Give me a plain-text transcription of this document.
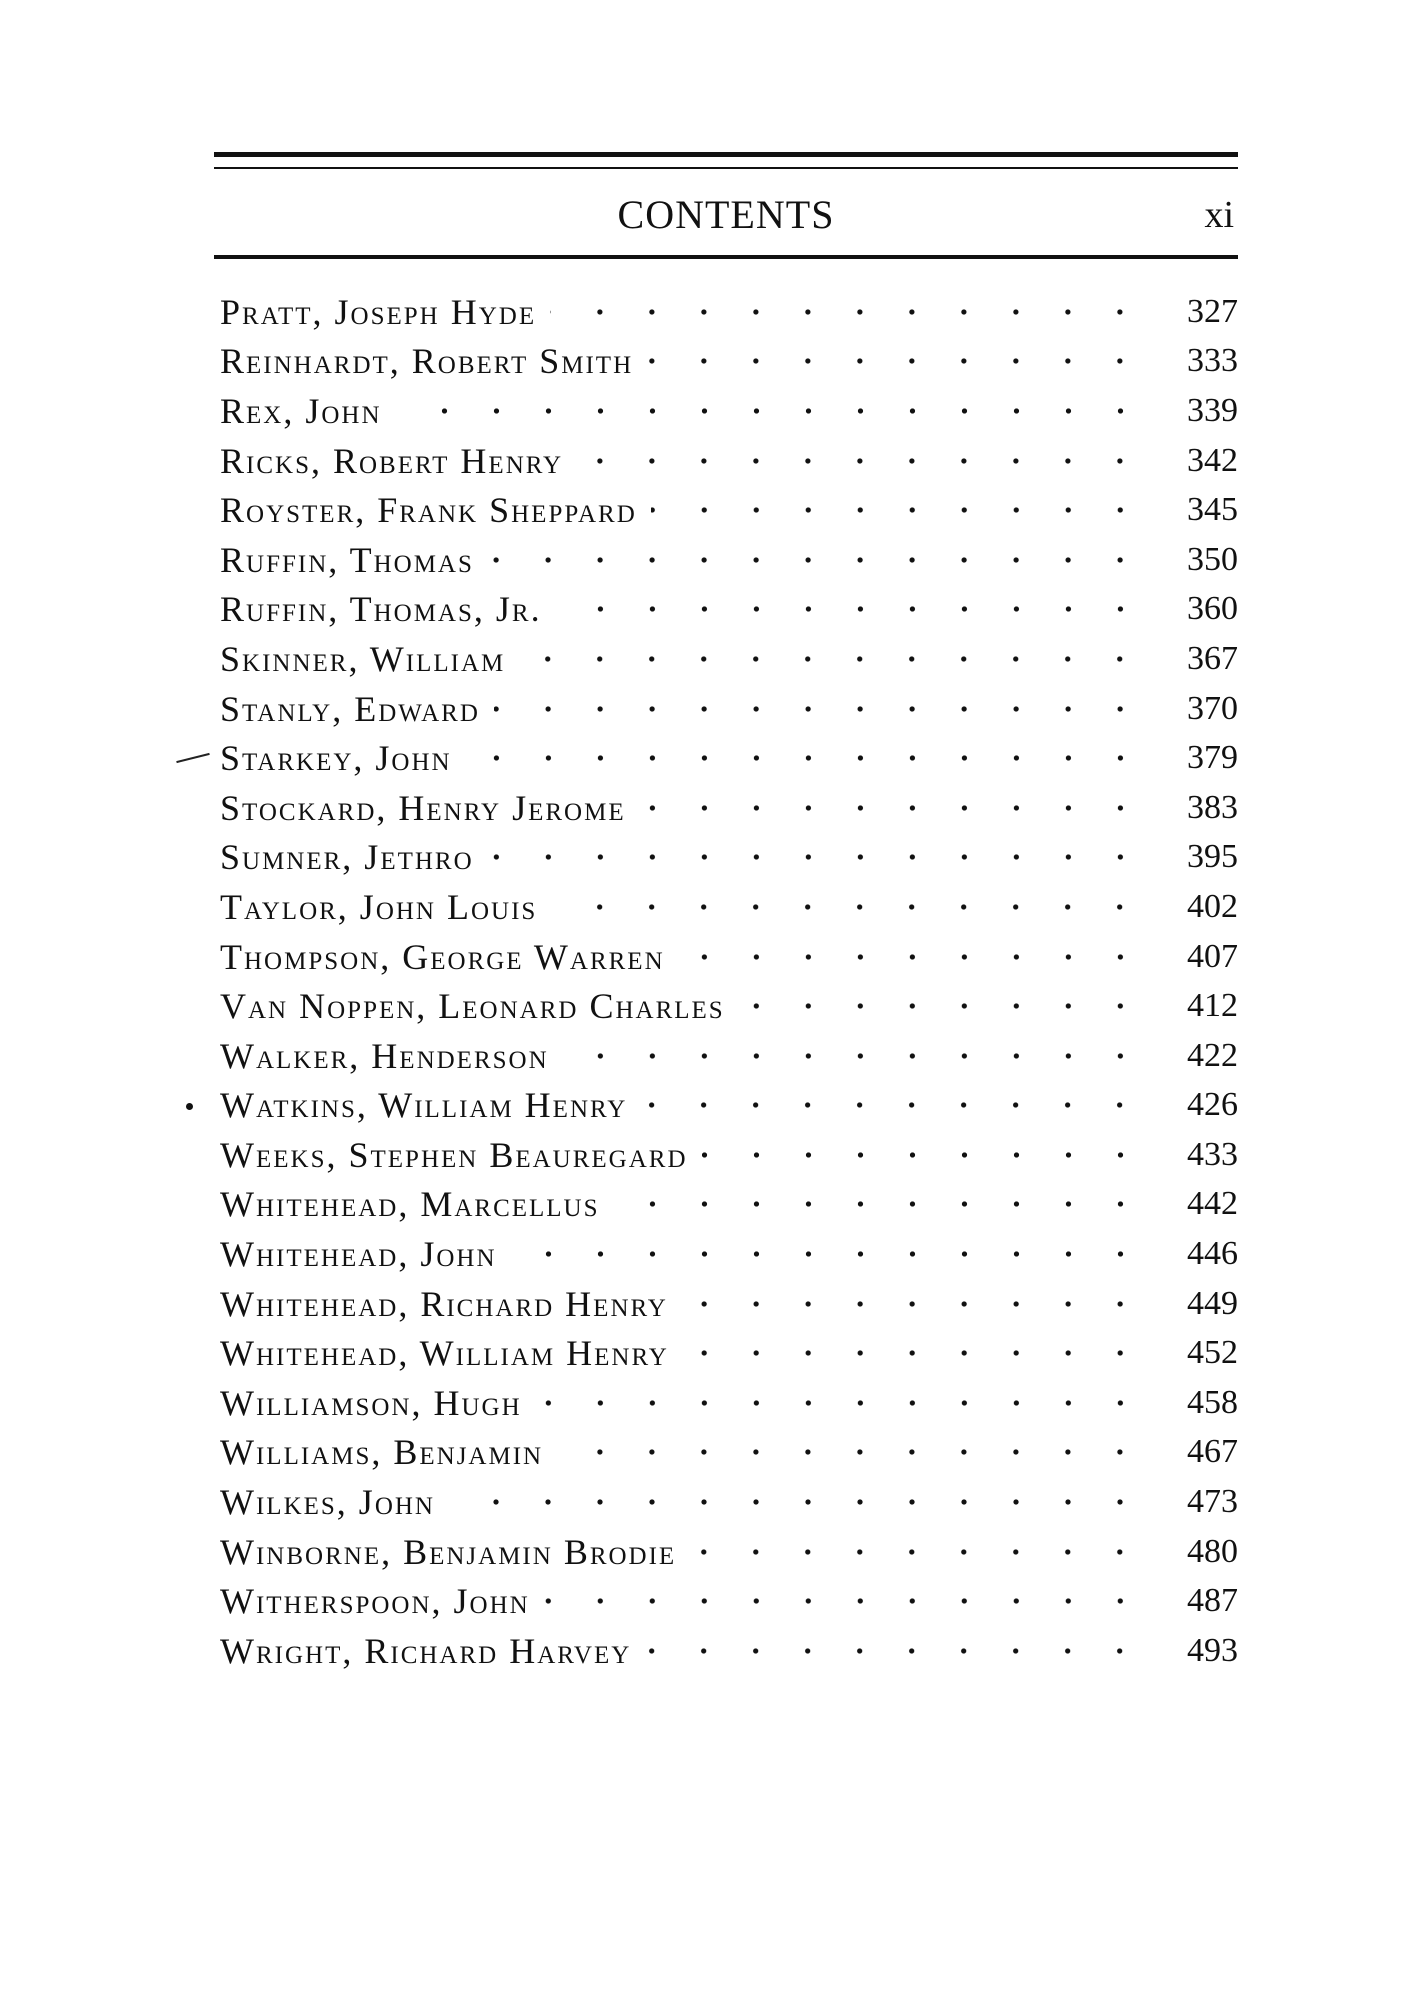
CONTENTS	xi
Pratt, Joseph Hyde	327
Reinhardt, Robert Smith	333
Rex, John	339
Ricks, Robert Henry	342
Royster, Frank Sheppard	345
Ruffin, Thomas	350
Ruffin, Thomas, Jr.	360
Skinner, William	367
Stanly, Edward	370
Starkey, John	379
Stockard, Henry Jerome	383
Sumner, Jethro	395
Taylor, John Louis	402
Thompson, George Warren	407
Van Noppen, Leonard Charles	412
Walker, Henderson	422
Watkins, William Henry	426
Weeks, Stephen Beauregard	433
Whitehead, Marcellus	442
Whitehead, John	446
Whitehead, Richard Henry	449
Whitehead, William Henry	452
Williamson, Hugh	458
Williams, Benjamin	467
Wilkes, John	473
Winborne, Benjamin Brodie	480
Witherspoon, John	487
Wright, Richard Harvey	493
